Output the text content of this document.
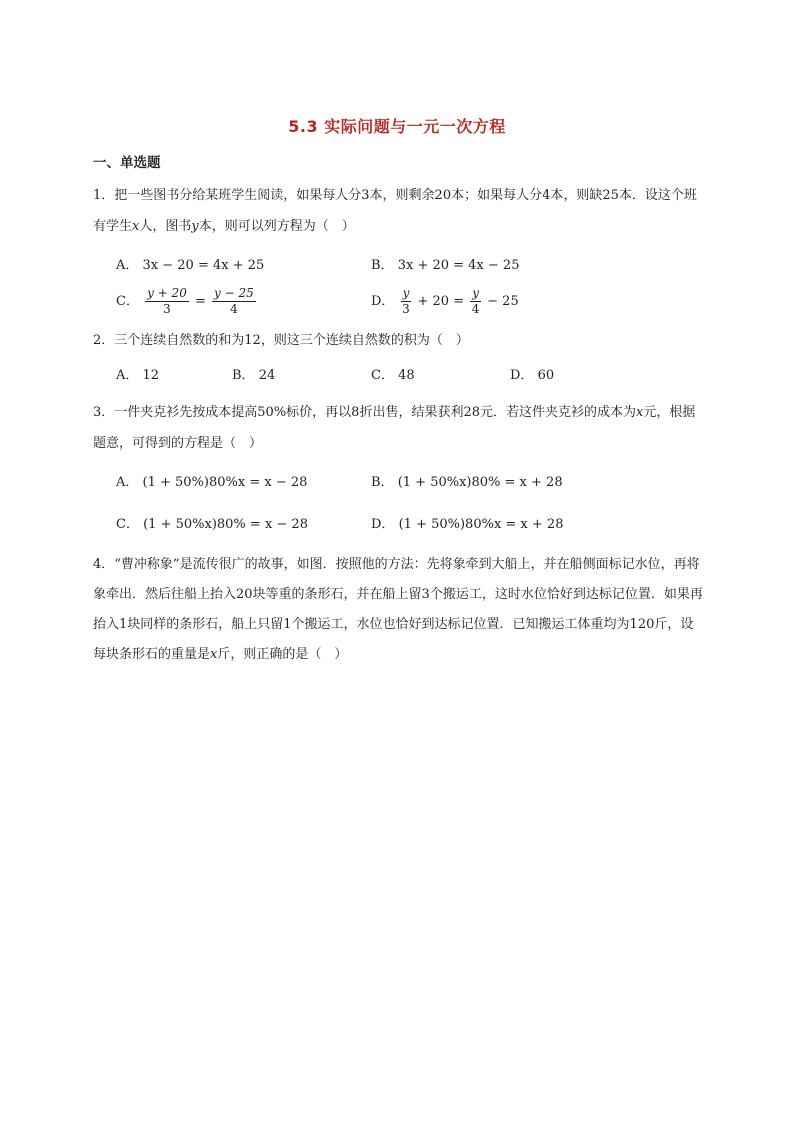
5.3 实际问题与一元一次方程
一、单选题
1．把一些图书分给某班学生阅读，如果每人分3本，则剩余20本；如果每人分4本，则缺25本．设这个班有学生x人，图书y本，则可以列方程为（　）
A． 3x − 20 = 4x + 25	B． 3x + 20 = 4x − 25
C． $\frac{y + 20}{3} = \frac{y - 25}{4}$	D． $\frac{y}{3} + 20 = \frac{y}{4} - 25$
2．三个连续自然数的和为12，则这三个连续自然数的积为（　）
A． 12	B． 24	C． 48	D． 60
3．一件夹克衫先按成本提高50%标价，再以8折出售，结果获利28元．若这件夹克衫的成本为x元，根据题意，可得到的方程是（　）
A． (1 + 50%)80%x = x − 28	B． (1 + 50%x)80% = x + 28
C． (1 + 50%x)80% = x − 28	D． (1 + 50%)80%x = x + 28
4．“曹冲称象”是流传很广的故事，如图．按照他的方法：先将象牵到大船上，并在船侧面标记水位，再将象牵出．然后往船上抬入20块等重的条形石，并在船上留3个搬运工，这时水位恰好到达标记位置．如果再抬入1块同样的条形石，船上只留1个搬运工，水位也恰好到达标记位置．已知搬运工体重均为120斤，设每块条形石的重量是x斤，则正确的是（　）
